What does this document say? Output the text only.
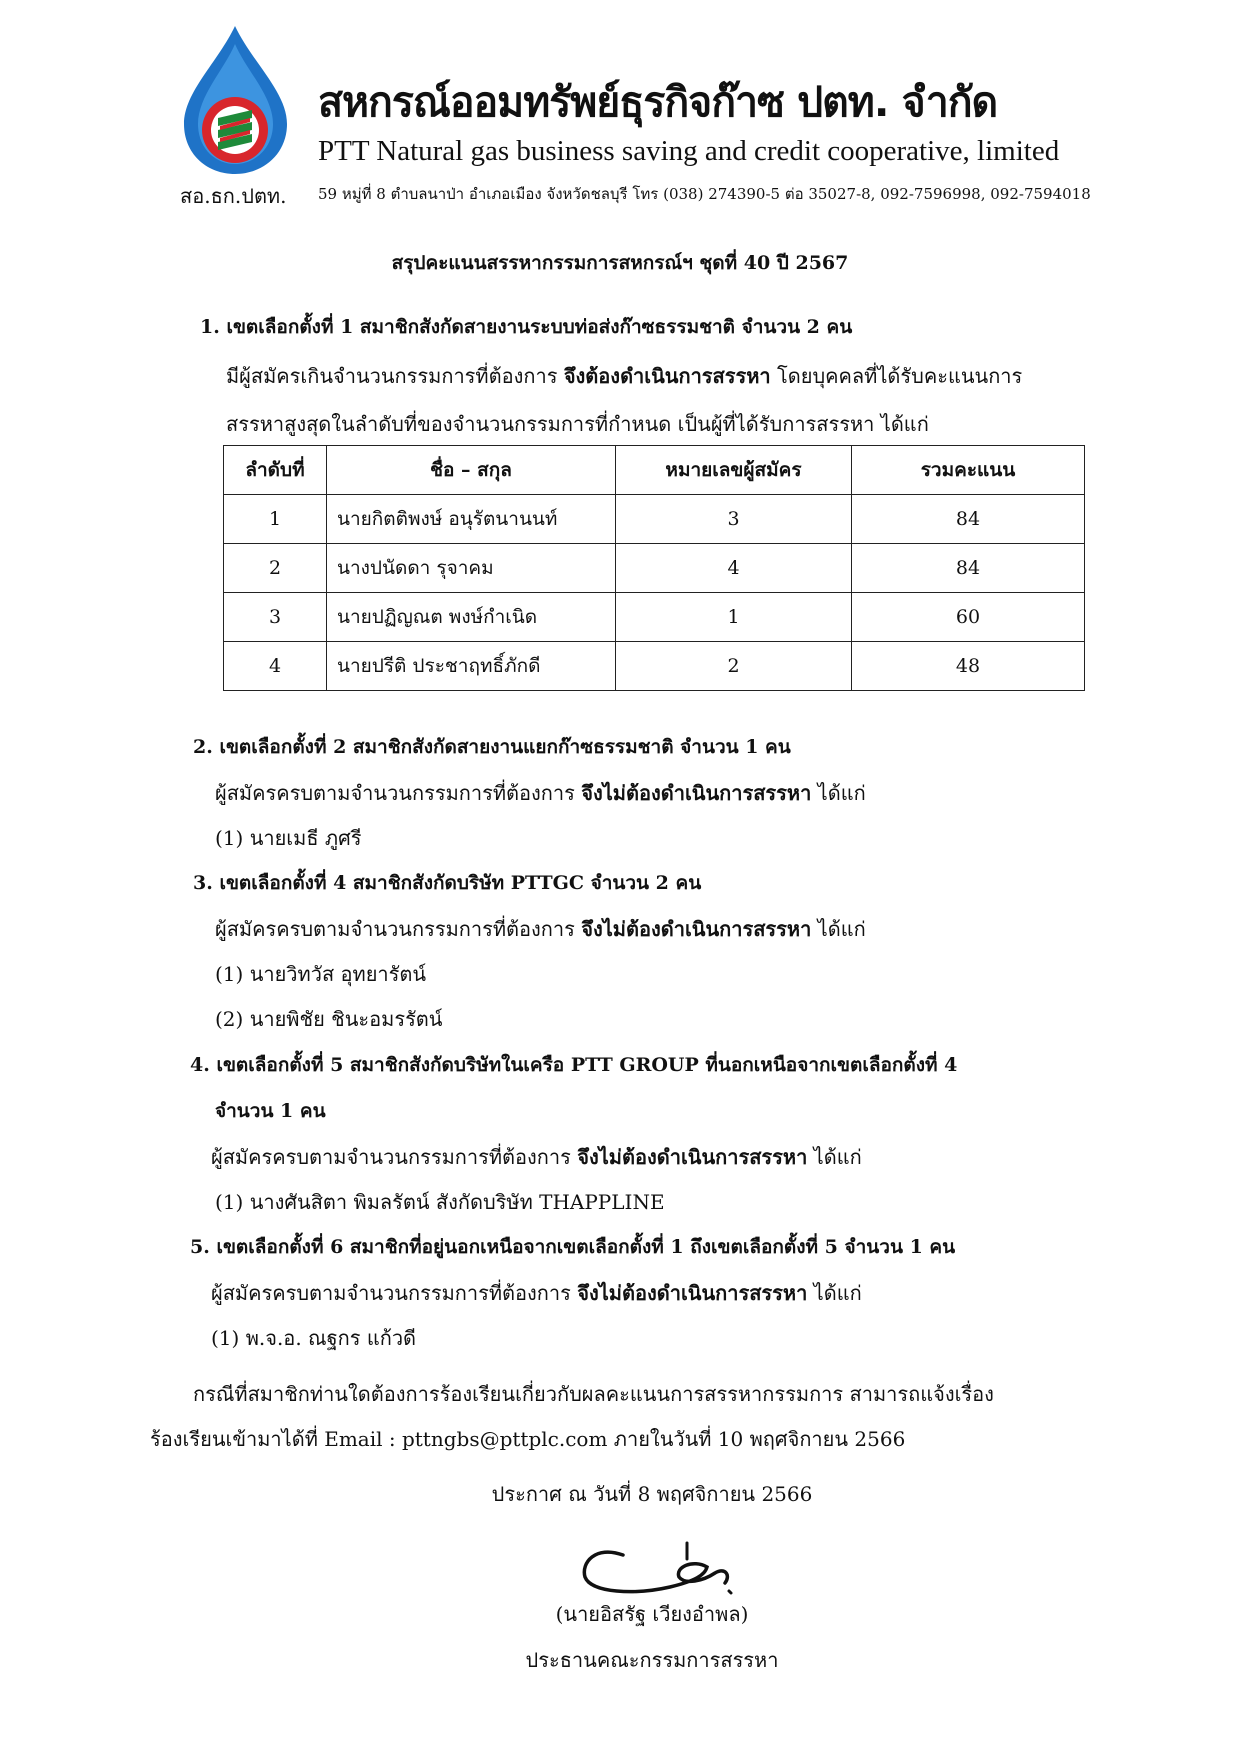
สอ.ธก.ปตท.
สหกรณ์ออมทรัพย์ธุรกิจก๊าซ ปตท. จำกัด
PTT Natural gas business saving and credit cooperative, limited
59 หมู่ที่ 8 ตำบลนาป่า อำเภอเมือง จังหวัดชลบุรี โทร (038) 274390-5 ต่อ 35027-8, 092-7596998, 092-7594018
สรุปคะแนนสรรหากรรมการสหกรณ์ฯ ชุดที่ 40 ปี 2567
1. เขตเลือกตั้งที่ 1 สมาชิกสังกัดสายงานระบบท่อส่งก๊าซธรรมชาติ จำนวน 2 คน
มีผู้สมัครเกินจำนวนกรรมการที่ต้องการ จึงต้องดำเนินการสรรหา โดยบุคคลที่ได้รับคะแนนการ
สรรหาสูงสุดในลำดับที่ของจำนวนกรรมการที่กำหนด เป็นผู้ที่ได้รับการสรรหา ได้แก่
ลำดับที่	ชื่อ – สกุล	หมายเลขผู้สมัคร	รวมคะแนน
1	นายกิตติพงษ์ อนุรัตนานนท์	3	84
2	นางปนัดดา รุจาคม	4	84
3	นายปฏิญณต พงษ์กำเนิด	1	60
4	นายปรีติ ประชาฤทธิ์ภักดี	2	48
2. เขตเลือกตั้งที่ 2 สมาชิกสังกัดสายงานแยกก๊าซธรรมชาติ จำนวน 1 คน
ผู้สมัครครบตามจำนวนกรรมการที่ต้องการ จึงไม่ต้องดำเนินการสรรหา ได้แก่
(1) นายเมธี ภูศรี
3. เขตเลือกตั้งที่ 4 สมาชิกสังกัดบริษัท PTTGC จำนวน 2 คน
ผู้สมัครครบตามจำนวนกรรมการที่ต้องการ จึงไม่ต้องดำเนินการสรรหา ได้แก่
(1) นายวิทวัส อุทยารัตน์
(2) นายพิชัย ชินะอมรรัตน์
4. เขตเลือกตั้งที่ 5 สมาชิกสังกัดบริษัทในเครือ PTT GROUP ที่นอกเหนือจากเขตเลือกตั้งที่ 4
จำนวน 1 คน
ผู้สมัครครบตามจำนวนกรรมการที่ต้องการ จึงไม่ต้องดำเนินการสรรหา ได้แก่
(1) นางศันสิตา พิมลรัตน์ สังกัดบริษัท THAPPLINE
5. เขตเลือกตั้งที่ 6 สมาชิกที่อยู่นอกเหนือจากเขตเลือกตั้งที่ 1 ถึงเขตเลือกตั้งที่ 5 จำนวน 1 คน
ผู้สมัครครบตามจำนวนกรรมการที่ต้องการ จึงไม่ต้องดำเนินการสรรหา ได้แก่
(1) พ.จ.อ. ณฐกร แก้วดี
กรณีที่สมาชิกท่านใดต้องการร้องเรียนเกี่ยวกับผลคะแนนการสรรหากรรมการ สามารถแจ้งเรื่อง
ร้องเรียนเข้ามาได้ที่ Email : pttngbs@pttplc.com ภายในวันที่ 10 พฤศจิกายน 2566
ประกาศ ณ วันที่ 8 พฤศจิกายน 2566
(นายอิสรัฐ เวียงอำพล)
ประธานคณะกรรมการสรรหา
